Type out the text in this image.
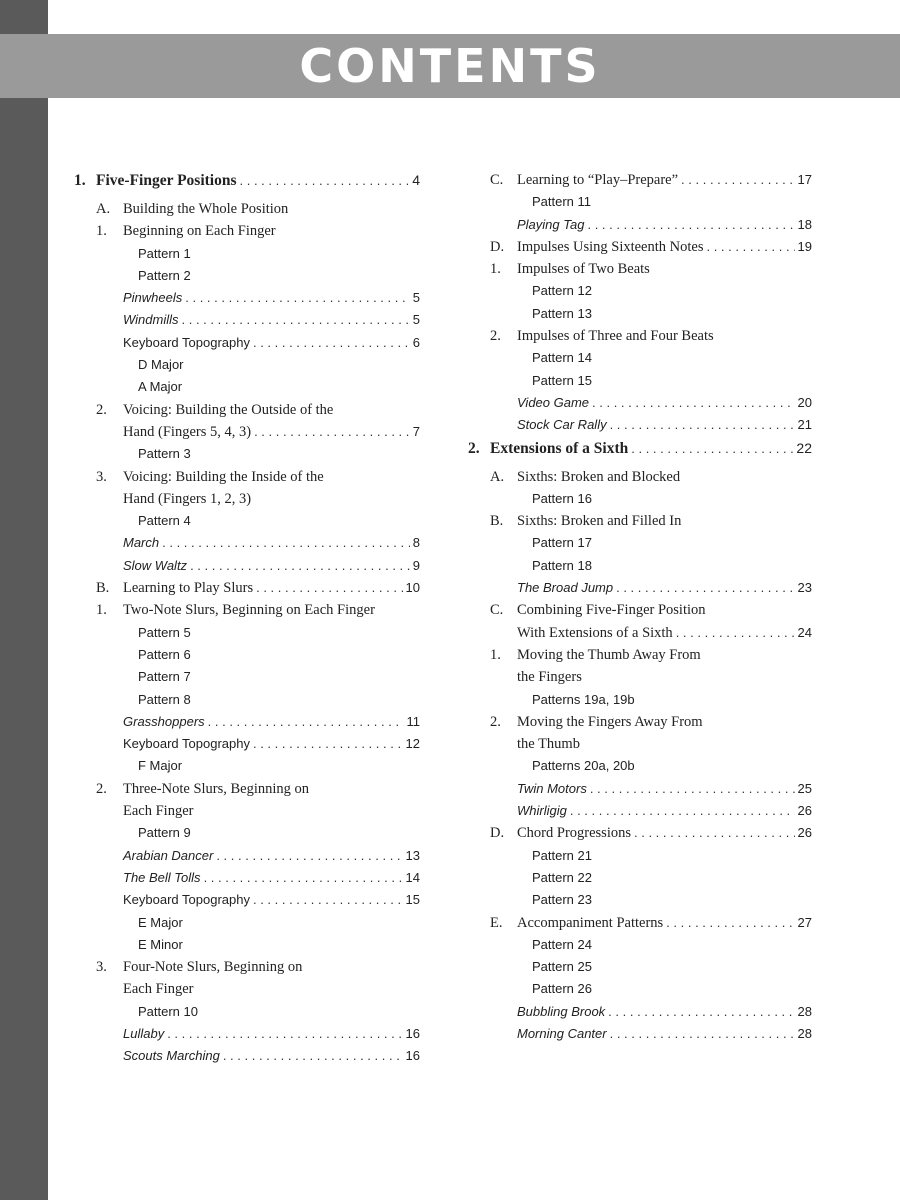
CONTENTS
1. Five-Finger Positions . . .	4
A. Building the Whole Position
1.	Beginning on Each Finger
Pattern 1
Pattern 2
Pinwheels . . .	5
Windmills . . .	5
Keyboard Topography . . .	6
D Major
A Major
2.	Voicing: Building the Outside of the
Hand (Fingers 5, 4, 3) . . .	7
Pattern 3
3.	Voicing: Building the Inside of the
Hand (Fingers 1, 2, 3)
Pattern 4
March . . .	8
Slow Waltz . . .	9
B. Learning to Play Slurs . . .	10
1.	Two-Note Slurs, Beginning on Each Finger
Pattern 5
Pattern 6
Pattern 7
Pattern 8
Grasshoppers . . .	11
Keyboard Topography . . .	12
F Major
2.	Three-Note Slurs, Beginning on
Each Finger
Pattern 9
Arabian Dancer . . .	13
The Bell Tolls . . .	14
Keyboard Topography . . .	15
E Major
E Minor
3.	Four-Note Slurs, Beginning on
Each Finger
Pattern 10
Lullaby . . .	16
Scouts Marching . . .	16
C. Learning to “Play–Prepare” . . .	17
Pattern 11
Playing Tag . . .	18
D. Impulses Using Sixteenth Notes . . .	19
1.	Impulses of Two Beats
Pattern 12
Pattern 13
2.	Impulses of Three and Four Beats
Pattern 14
Pattern 15
Video Game . . .	20
Stock Car Rally . . .	21
2. Extensions of a Sixth . . .	22
A. Sixths: Broken and Blocked
Pattern 16
B. Sixths: Broken and Filled In
Pattern 17
Pattern 18
The Broad Jump . . .	23
C. Combining Five-Finger Position
With Extensions of a Sixth . . .	24
1.	Moving the Thumb Away From
the Fingers
Patterns 19a, 19b
2.	Moving the Fingers Away From
the Thumb
Patterns 20a, 20b
Twin Motors . . .	25
Whirligig . . .	26
D. Chord Progressions . . .	26
Pattern 21
Pattern 22
Pattern 23
E.	Accompaniment Patterns . . .	27
Pattern 24
Pattern 25
Pattern 26
Bubbling Brook . . .	28
Morning Canter . . .	28
